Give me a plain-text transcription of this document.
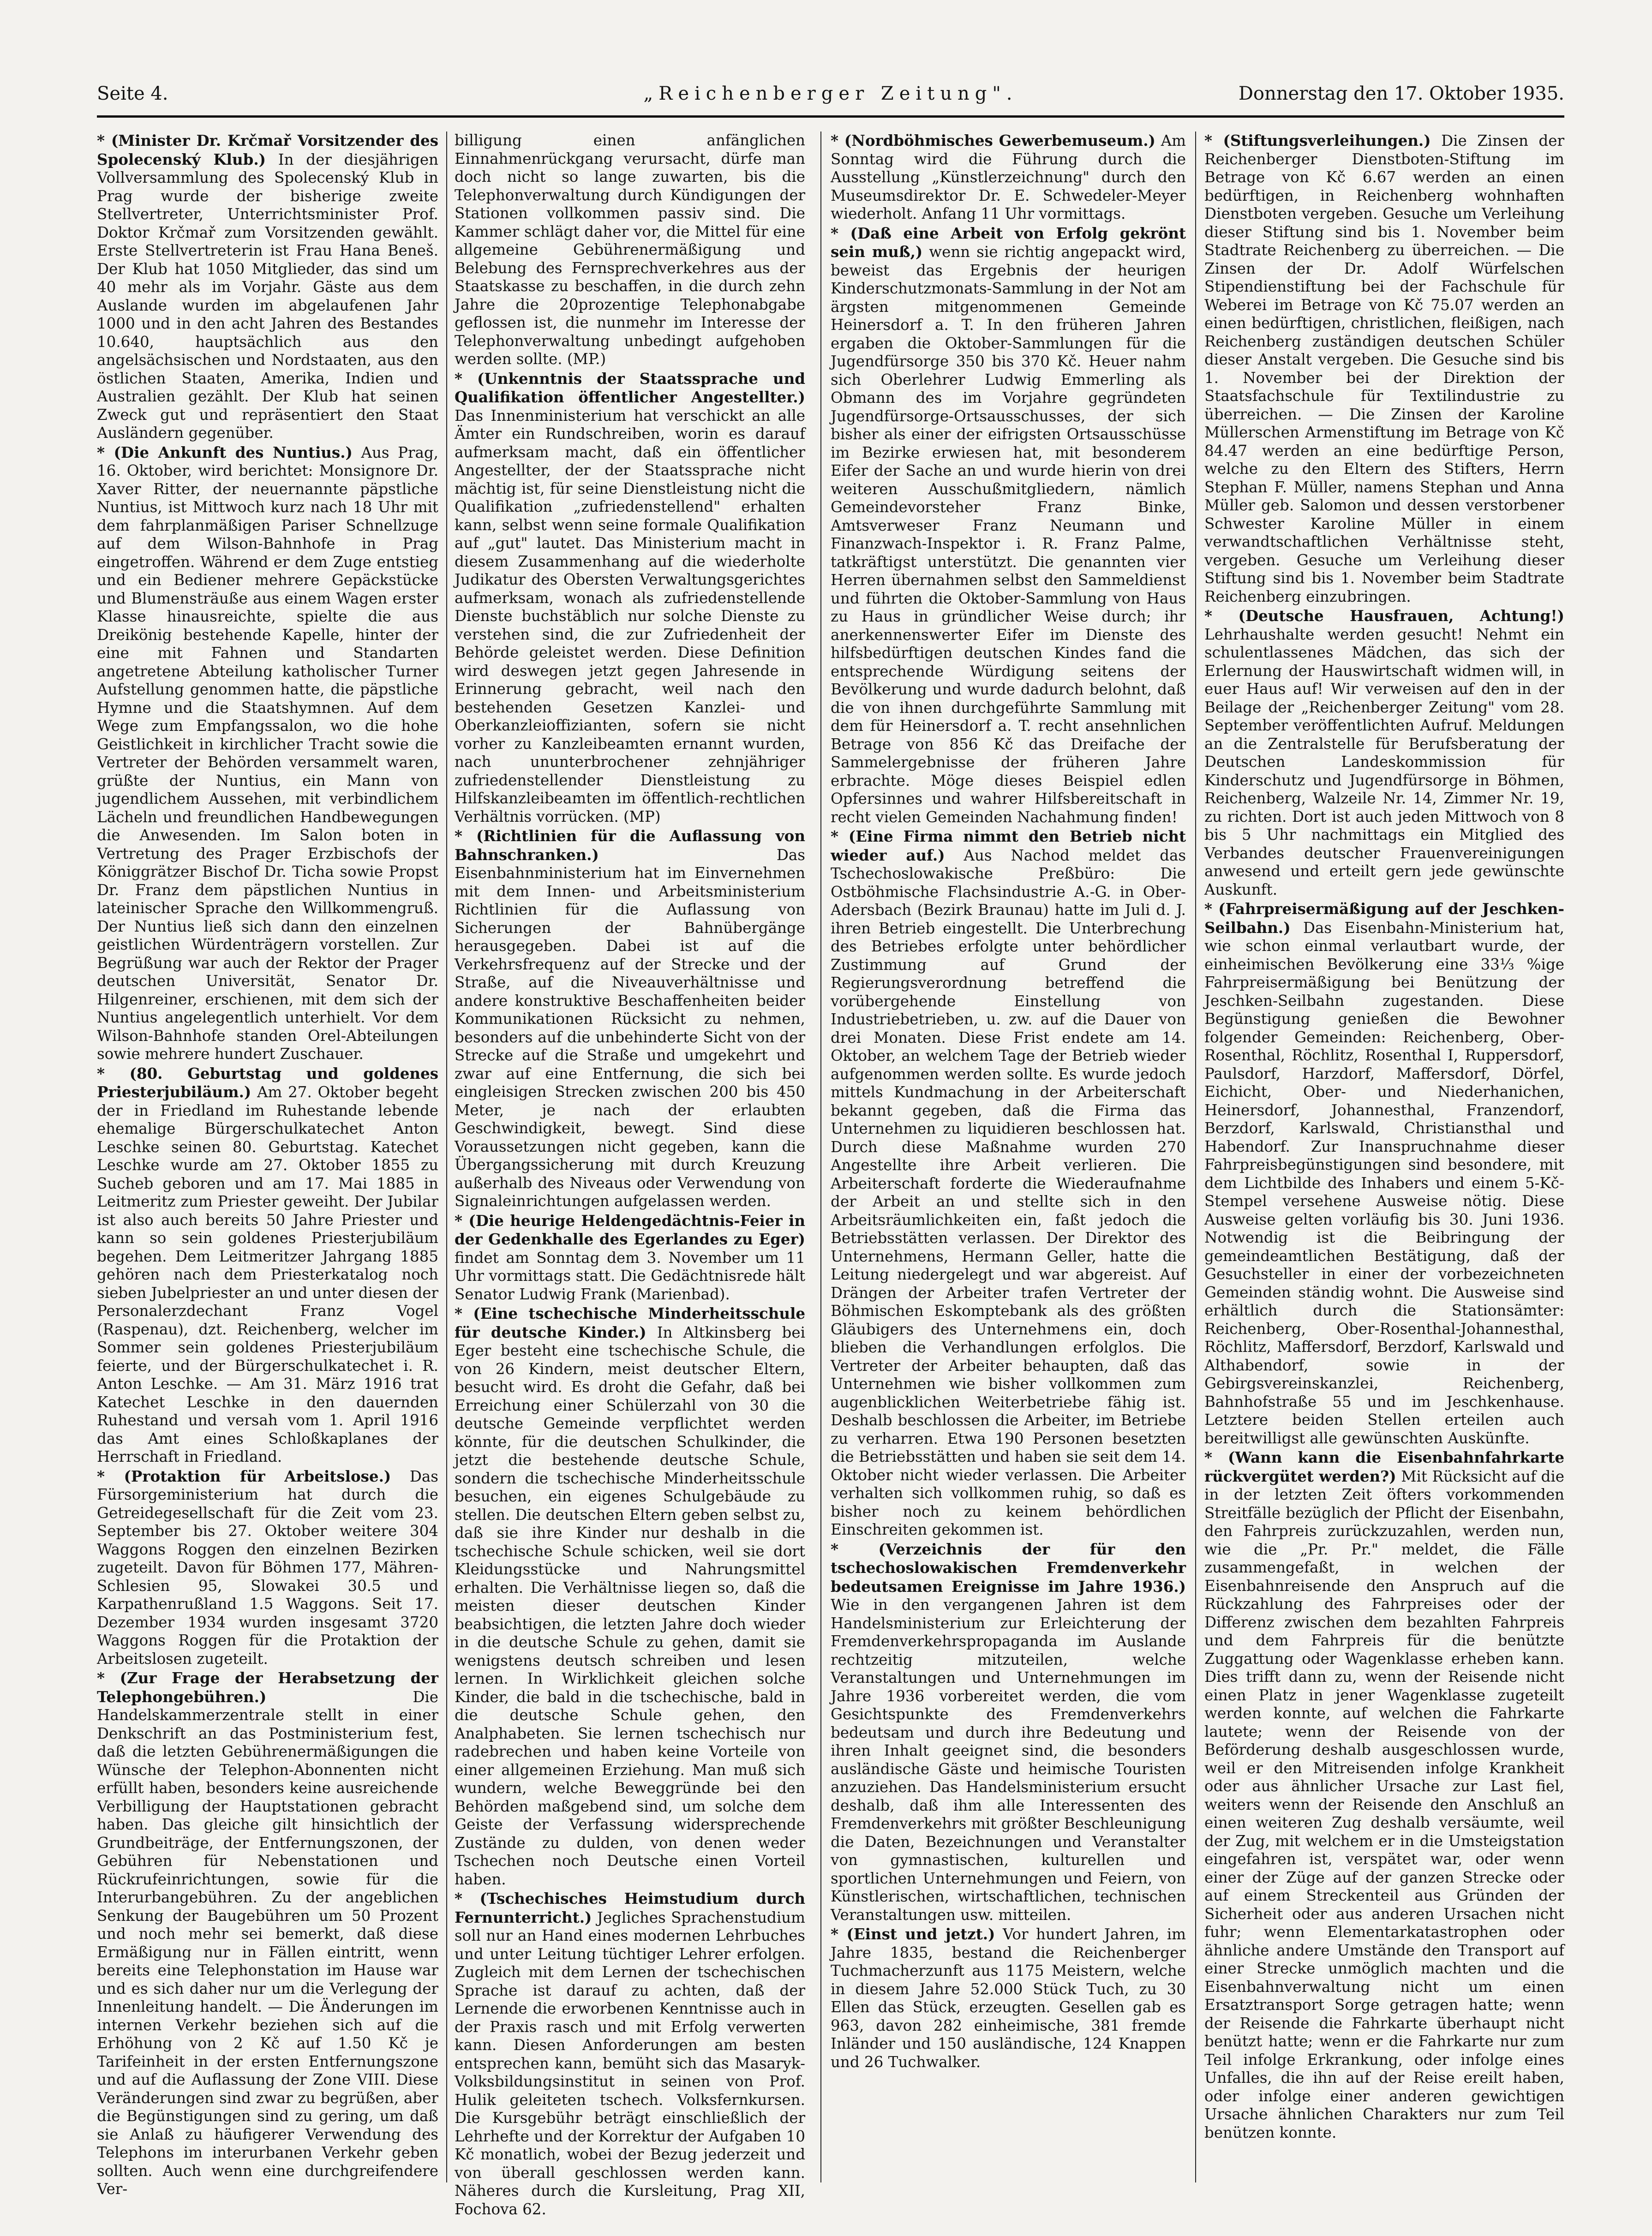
Seite 4.	„Reichenberger Zeitung".	Donnerstag den 17. Oktober 1935.

* (Minister Dr. Krčmař Vorsitzender des Spolecenský Klub.) In der diesjährigen Vollversammlung des Spolecenský Klub in Prag wurde der bisherige zweite Stellvertreter, Unterrichtsminister Prof. Doktor Krčmař zum Vorsitzenden gewählt. Erste Stellvertreterin ist Frau Hana Beneš. Der Klub hat 1050 Mitglieder, das sind um 40 mehr als im Vorjahr. Gäste aus dem Auslande wurden im abgelaufenen Jahr 1000 und in den acht Jahren des Bestandes 10.640, hauptsächlich aus den angelsächsischen und Nordstaaten, aus den östlichen Staaten, Amerika, Indien und Australien gezählt. Der Klub hat seinen Zweck gut und repräsentiert den Staat Ausländern gegenüber.

* (Die Ankunft des Nuntius.) Aus Prag, 16. Oktober, wird berichtet: Monsignore Dr. Xaver Ritter, der neuernannte päpstliche Nuntius, ist Mittwoch kurz nach 18 Uhr mit dem fahrplanmäßigen Pariser Schnellzuge auf dem Wilson-Bahnhofe in Prag eingetroffen. Während er dem Zuge entstieg und ein Bediener mehrere Gepäckstücke und Blumensträuße aus einem Wagen erster Klasse hinausreichte, spielte die aus Dreikönig bestehende Kapelle, hinter der eine mit Fahnen und Standarten angetretene Abteilung katholischer Turner Aufstellung genommen hatte, die päpstliche Hymne und die Staatshymnen. Auf dem Wege zum Empfangssalon, wo die hohe Geistlichkeit in kirchlicher Tracht sowie die Vertreter der Behörden versammelt waren, grüßte der Nuntius, ein Mann von jugendlichem Aussehen, mit verbindlichem Lächeln und freundlichen Handbewegungen die Anwesenden. Im Salon boten in Vertretung des Prager Erzbischofs der Königgrätzer Bischof Dr. Ticha sowie Propst Dr. Franz dem päpstlichen Nuntius in lateinischer Sprache den Willkommengruß. Der Nuntius ließ sich dann den einzelnen geistlichen Würdenträgern vorstellen. Zur Begrüßung war auch der Rektor der Prager deutschen Universität, Senator Dr. Hilgenreiner, erschienen, mit dem sich der Nuntius angelegentlich unterhielt. Vor dem Wilson-Bahnhofe standen Orel-Abteilungen sowie mehrere hundert Zuschauer.

* (80. Geburtstag und goldenes Priesterjubiläum.) Am 27. Oktober begeht der in Friedland im Ruhestande lebende ehemalige Bürgerschulkatechet Anton Leschke seinen 80. Geburtstag. Katechet Leschke wurde am 27. Oktober 1855 zu Sucheb geboren und am 17. Mai 1885 in Leitmeritz zum Priester geweiht. Der Jubilar ist also auch bereits 50 Jahre Priester und kann so sein goldenes Priesterjubiläum begehen. Dem Leitmeritzer Jahrgang 1885 gehören nach dem Priesterkatalog noch sieben Jubelpriester an und unter diesen der Personalerzdechant Franz Vogel (Raspenau), dzt. Reichenberg, welcher im Sommer sein goldenes Priesterjubiläum feierte, und der Bürgerschulkatechet i. R. Anton Leschke. — Am 31. März 1916 trat Katechet Leschke in den dauernden Ruhestand und versah vom 1. April 1916 das Amt eines Schloßkaplanes der Herrschaft in Friedland.

* (Protaktion für Arbeitslose.) Das Fürsorgeministerium hat durch die Getreidegesellschaft für die Zeit vom 23. September bis 27. Oktober weitere 304 Waggons Roggen den einzelnen Bezirken zugeteilt. Davon für Böhmen 177, Mähren-Schlesien 95, Slowakei 30.5 und Karpathenrußland 1.5 Waggons. Seit 17. Dezember 1934 wurden insgesamt 3720 Waggons Roggen für die Protaktion der Arbeitslosen zugeteilt.

* (Zur Frage der Herabsetzung der Telephongebühren.)	Die Handelskammerzentrale stellt in einer Denkschrift an das Postministerium fest, daß die letzten Gebührenermäßigungen die Wünsche der Telephon-Abonnenten nicht erfüllt haben, besonders keine ausreichende Verbilligung der Hauptstationen gebracht haben. Das gleiche gilt hinsichtlich der Grundbeiträge, der Entfernungszonen, der Gebühren für Nebenstationen und Rückrufeinrichtungen, sowie für die Interurbangebühren. Zu der angeblichen Senkung der Baugebühren um 50 Prozent und noch mehr sei bemerkt, daß diese Ermäßigung nur in Fällen eintritt, wenn bereits eine Telephonstation im Hause war und es sich daher nur um die Verlegung der Innenleitung handelt. — Die Änderungen im internen Verkehr beziehen sich auf die Erhöhung von 2 Kč auf 1.50 Kč je Tarifeinheit in der ersten Entfernungszone und auf die Auflassung der Zone VIII. Diese Veränderungen sind zwar zu begrüßen, aber die Begünstigungen sind zu gering, um daß sie Anlaß zu häufigerer Verwendung des Telephons im interurbanen Verkehr geben sollten. Auch wenn eine durchgreifendere Ver-

billigung einen anfänglichen Einnahmenrückgang verursacht, dürfe man doch nicht so lange zuwarten, bis die Telephonverwaltung durch Kündigungen der Stationen vollkommen passiv sind. Die Kammer schlägt daher vor, die Mittel für eine allgemeine Gebührenermäßigung und Belebung des Fernsprechverkehres aus der Staatskasse zu beschaffen, in die durch zehn Jahre die 20prozentige Telephonabgabe geflossen ist, die nunmehr im Interesse der Telephonverwaltung unbedingt aufgehoben werden sollte. (MP.)

* (Unkenntnis der Staatssprache und Qualifikation öffentlicher Angestellter.) Das Innenministerium hat verschickt an alle Ämter ein Rundschreiben, worin es darauf aufmerksam macht, daß ein öffentlicher Angestellter, der der Staatssprache nicht mächtig ist, für seine Dienstleistung nicht die Qualifikation „zufriedenstellend" erhalten kann, selbst wenn seine formale Qualifikation auf „gut" lautet. Das Ministerium macht in diesem Zusammenhang auf die wiederholte Judikatur des Obersten Verwaltungsgerichtes aufmerksam, wonach als zufriedenstellende Dienste buchstäblich nur solche Dienste zu verstehen sind, die zur Zufriedenheit der Behörde geleistet werden. Diese Definition wird deswegen jetzt gegen Jahresende in Erinnerung gebracht, weil nach den bestehenden Gesetzen Kanzlei- und Oberkanzleioffizianten, sofern sie nicht vorher zu Kanzleibeamten ernannt wurden, nach ununterbrochener zehnjähriger zufriedenstellender Dienstleistung zu Hilfskanzleibeamten im öffentlich-rechtlichen Verhältnis vorrücken. (MP)

* (Richtlinien für die Auflassung von Bahnschranken.)	Das Eisenbahnministerium hat im Einvernehmen mit dem Innen- und Arbeitsministerium Richtlinien für die Auflassung von Sicherungen der Bahnübergänge herausgegeben. Dabei ist auf die Verkehrsfrequenz auf der Strecke und der Straße, auf die Niveauverhältnisse und andere konstruktive Beschaffenheiten beider Kommunikationen Rücksicht zu nehmen, besonders auf die unbehinderte Sicht von der Strecke auf die Straße und umgekehrt und zwar auf eine Entfernung, die sich bei eingleisigen Strecken zwischen 200 bis 450 Meter, je nach der erlaubten Geschwindigkeit, bewegt. Sind diese Voraussetzungen nicht gegeben, kann die Übergangssicherung mit durch Kreuzung außerhalb des Niveaus oder Verwendung von Signaleinrichtungen aufgelassen werden.

* (Die heurige Heldengedächtnis-Feier in der Gedenkhalle des Egerlandes zu Eger) findet am Sonntag dem 3. November um 11 Uhr vormittags statt. Die Gedächtnisrede hält Senator Ludwig Frank (Marienbad).

* (Eine tschechische Minderheitsschule für deutsche Kinder.) In Altkinsberg bei Eger besteht eine tschechische Schule, die von 26 Kindern, meist deutscher Eltern, besucht wird. Es droht die Gefahr, daß bei Erreichung einer Schülerzahl von 30 die deutsche Gemeinde verpflichtet werden könnte, für die deutschen Schulkinder, die jetzt die bestehende deutsche Schule, sondern die tschechische Minderheitsschule besuchen, ein eigenes Schulgebäude zu stellen. Die deutschen Eltern geben selbst zu, daß sie ihre Kinder nur deshalb in die tschechische Schule schicken, weil sie dort Kleidungsstücke und Nahrungsmittel erhalten. Die Verhältnisse liegen so, daß die meisten dieser deutschen Kinder beabsichtigen, die letzten Jahre doch wieder in die deutsche Schule zu gehen, damit sie wenigstens deutsch schreiben und lesen lernen. In Wirklichkeit gleichen solche Kinder, die bald in die tschechische, bald in die deutsche Schule gehen, den Analphabeten. Sie lernen tschechisch nur radebrechen und haben keine Vorteile von einer allgemeinen Erziehung. Man muß sich wundern, welche Beweggründe bei den Behörden maßgebend sind, um solche dem Geiste der Verfassung widersprechende Zustände zu dulden, von denen weder Tschechen noch Deutsche einen Vorteil haben.

* (Tschechisches Heimstudium durch Fernunterricht.) Jegliches Sprachenstudium soll nur an Hand eines modernen Lehrbuches und unter Leitung tüchtiger Lehrer erfolgen. Zugleich mit dem Lernen der tschechischen Sprache ist darauf zu achten, daß der Lernende die erworbenen Kenntnisse auch in der Praxis rasch und mit Erfolg verwerten kann. Diesen Anforderungen am besten entsprechen kann, bemüht sich das Masaryk-Volksbildungsinstitut in seinen von Prof. Hulik geleiteten tschech. Volksfernkursen. Die Kursgebühr beträgt einschließlich der Lehrhefte und der Korrektur der Aufgaben 10 Kč monatlich, wobei der Bezug jederzeit und von überall geschlossen werden kann. Näheres durch die Kursleitung, Prag XII, Fochova 62.

* (Nordböhmisches Gewerbemuseum.) Am Sonntag wird die Führung durch die Ausstellung „Künstlerzeichnung" durch den Museumsdirektor Dr. E. Schwedeler-Meyer wiederholt. Anfang 11 Uhr vormittags.

* (Daß eine Arbeit von Erfolg gekrönt sein muß,) wenn sie richtig angepackt wird, beweist das Ergebnis der heurigen Kinderschutzmonats-Sammlung in der Not am ärgsten mitgenommenen Gemeinde Heinersdorf a. T. In den früheren Jahren ergaben die Oktober-Sammlungen für die Jugendfürsorge 350 bis 370 Kč. Heuer nahm sich Oberlehrer Ludwig Emmerling als Obmann des im Vorjahre gegründeten Jugendfürsorge-Ortsausschusses, der sich bisher als einer der eifrigsten Ortsausschüsse im Bezirke erwiesen hat, mit besonderem Eifer der Sache an und wurde hierin von drei weiteren Ausschußmitgliedern, nämlich Gemeindevorsteher Franz Binke, Amtsverweser Franz Neumann und Finanzwach-Inspektor i. R. Franz Palme, tatkräftigst unterstützt. Die genannten vier Herren übernahmen selbst den Sammeldienst und führten die Oktober-Sammlung von Haus zu Haus in gründlicher Weise durch; ihr anerkennenswerter Eifer im Dienste des hilfsbedürftigen deutschen Kindes fand die entsprechende Würdigung seitens der Bevölkerung und wurde dadurch belohnt, daß die von ihnen durchgeführte Sammlung mit dem für Heinersdorf a. T. recht ansehnlichen Betrage von 856 Kč das Dreifache der Sammelergebnisse der früheren Jahre erbrachte. Möge dieses Beispiel edlen Opfersinnes und wahrer Hilfsbereitschaft in recht vielen Gemeinden Nachahmung finden!

* (Eine Firma nimmt den Betrieb nicht wieder auf.) Aus Nachod meldet das Tschechoslowakische Preßbüro: Die Ostböhmische Flachsindustrie A.-G. in Ober-Adersbach (Bezirk Braunau) hatte im Juli d. J. ihren Betrieb eingestellt. Die Unterbrechung des Betriebes erfolgte unter behördlicher Zustimmung auf Grund der Regierungsverordnung betreffend die vorübergehende Einstellung von Industriebetrieben, u. zw. auf die Dauer von drei Monaten. Diese Frist endete am 14. Oktober, an welchem Tage der Betrieb wieder aufgenommen werden sollte. Es wurde jedoch mittels Kundmachung in der Arbeiterschaft bekannt gegeben, daß die Firma das Unternehmen zu liquidieren beschlossen hat. Durch diese Maßnahme wurden 270 Angestellte ihre Arbeit verlieren. Die Arbeiterschaft forderte die Wiederaufnahme der Arbeit an und stellte sich in den Arbeitsräumlichkeiten ein, faßt jedoch die Betriebsstätten verlassen. Der Direktor des Unternehmens, Hermann Geller, hatte die Leitung niedergelegt und war abgereist. Auf Drängen der Arbeiter trafen Vertreter der Böhmischen Eskomptebank als des größten Gläubigers des Unternehmens ein, doch blieben die Verhandlungen erfolglos. Die Vertreter der Arbeiter behaupten, daß das Unternehmen wie bisher vollkommen zum augenblicklichen Weiterbetriebe fähig ist. Deshalb beschlossen die Arbeiter, im Betriebe zu verharren. Etwa 190 Personen besetzten die Betriebsstätten und haben sie seit dem 14. Oktober nicht wieder verlassen. Die Arbeiter verhalten sich vollkommen ruhig, so daß es bisher noch zu keinem behördlichen Einschreiten gekommen ist.

* (Verzeichnis der für den tschechoslowakischen Fremdenverkehr bedeutsamen Ereignisse im Jahre 1936.) Wie in den vergangenen Jahren ist dem Handelsministerium zur Erleichterung der Fremdenverkehrspropaganda im Auslande rechtzeitig mitzuteilen, welche Veranstaltungen und Unternehmungen im Jahre 1936 vorbereitet werden, die vom Gesichtspunkte des Fremdenverkehrs bedeutsam und durch ihre Bedeutung und ihren Inhalt geeignet sind, die besonders ausländische Gäste und heimische Touristen anzuziehen. Das Handelsministerium ersucht deshalb, daß ihm alle Interessenten des Fremdenverkehrs mit größter Beschleunigung die Daten, Bezeichnungen und Veranstalter von gymnastischen, kulturellen und sportlichen Unternehmungen und Feiern, von Künstlerischen, wirtschaftlichen, technischen Veranstaltungen usw. mitteilen.

* (Einst und jetzt.) Vor hundert Jahren, im Jahre 1835, bestand die Reichenberger Tuchmacherzunft aus 1175 Meistern, welche in diesem Jahre 52.000 Stück Tuch, zu 30 Ellen das Stück, erzeugten. Gesellen gab es 963, davon 282 einheimische, 381 fremde Inländer und 150 ausländische, 124 Knappen und 26 Tuchwalker.

* (Stiftungsverleihungen.) Die Zinsen der Reichenberger Dienstboten-Stiftung im Betrage von Kč 6.67 werden an einen bedürftigen, in Reichenberg wohnhaften Dienstboten vergeben. Gesuche um Verleihung dieser Stiftung sind bis 1. November beim Stadtrate Reichenberg zu überreichen. — Die Zinsen der Dr. Adolf Würfelschen Stipendienstiftung bei der Fachschule für Weberei im Betrage von Kč 75.07 werden an einen bedürftigen, christlichen, fleißigen, nach Reichenberg zuständigen deutschen Schüler dieser Anstalt vergeben. Die Gesuche sind bis 1. November bei der Direktion der Staatsfachschule für Textilindustrie zu überreichen. — Die Zinsen der Karoline Müllerschen Armenstiftung im Betrage von Kč 84.47 werden an eine bedürftige Person, welche zu den Eltern des Stifters, Herrn Stephan F. Müller, namens Stephan und Anna Müller geb. Salomon und dessen verstorbener Schwester Karoline Müller in einem verwandtschaftlichen Verhältnisse steht, vergeben. Gesuche um Verleihung dieser Stiftung sind bis 1. November beim Stadtrate Reichenberg einzubringen.

* (Deutsche Hausfrauen, Achtung!) Lehrhaushalte werden gesucht! Nehmt ein schulentlassenes Mädchen, das sich der Erlernung der Hauswirtschaft widmen will, in euer Haus auf! Wir verweisen auf den in der Beilage der „Reichenberger Zeitung" vom 28. September veröffentlichten Aufruf. Meldungen an die Zentralstelle für Berufsberatung der Deutschen Landeskommission für Kinderschutz und Jugendfürsorge in Böhmen, Reichenberg, Walzeile Nr. 14, Zimmer Nr. 19, zu richten. Dort ist auch jeden Mittwoch von 8 bis 5 Uhr nachmittags ein Mitglied des Verbandes deutscher Frauenvereinigungen anwesend und erteilt gern jede gewünschte Auskunft.

* (Fahrpreisermäßigung auf der Jeschken-Seilbahn.) Das Eisenbahn-Ministerium hat, wie schon einmal verlautbart wurde, der einheimischen Bevölkerung eine 33⅓ %ige Fahrpreisermäßigung bei Benützung der Jeschken-Seilbahn zugestanden. Diese Begünstigung genießen die Bewohner folgender Gemeinden: Reichenberg, Ober-Rosenthal, Röchlitz, Rosenthal I, Ruppersdorf, Paulsdorf, Harzdorf, Maffersdorf, Dörfel, Eichicht, Ober- und Niederhanichen, Heinersdorf, Johannesthal, Franzendorf, Berzdorf, Karlswald, Christiansthal und Habendorf. Zur Inanspruchnahme dieser Fahrpreisbegünstigungen sind besondere, mit dem Lichtbilde des Inhabers und einem 5-Kč-Stempel versehene Ausweise nötig. Diese Ausweise gelten vorläufig bis 30. Juni 1936. Notwendig ist die Beibringung der gemeindeamtlichen Bestätigung, daß der Gesuchsteller in einer der vorbezeichneten Gemeinden ständig wohnt. Die Ausweise sind erhältlich durch die Stationsämter: Reichenberg, Ober-Rosenthal-Johannesthal, Röchlitz, Maffersdorf, Berzdorf, Karlswald und Althabendorf, sowie in der Gebirgsvereinskanzlei, Reichenberg, Bahnhofstraße 55 und im Jeschkenhause. Letztere beiden Stellen erteilen auch bereitwilligst alle gewünschten Auskünfte.

* (Wann kann die Eisenbahnfahrkarte rückvergütet werden?) Mit Rücksicht auf die in der letzten Zeit öfters vorkommenden Streitfälle bezüglich der Pflicht der Eisenbahn, den Fahrpreis zurückzuzahlen, werden nun, wie die „Pr. Pr." meldet, die Fälle zusammengefaßt, in welchen der Eisenbahnreisende den Anspruch auf die Rückzahlung des Fahrpreises oder der Differenz zwischen dem bezahlten Fahrpreis und dem Fahrpreis für die benützte Zuggattung oder Wagenklasse erheben kann. Dies trifft dann zu, wenn der Reisende nicht einen Platz in jener Wagenklasse zugeteilt werden konnte, auf welchen die Fahrkarte lautete; wenn der Reisende von der Beförderung deshalb ausgeschlossen wurde, weil er den Mitreisenden infolge Krankheit oder aus ähnlicher Ursache zur Last fiel, weiters wenn der Reisende den Anschluß an einen weiteren Zug deshalb versäumte, weil der Zug, mit welchem er in die Umsteigstation eingefahren ist, verspätet war, oder wenn einer der Züge auf der ganzen Strecke oder auf einem Streckenteil aus Gründen der Sicherheit oder aus anderen Ursachen nicht fuhr; wenn Elementarkatastrophen oder ähnliche andere Umstände den Transport auf einer Strecke unmöglich machten und die Eisenbahnverwaltung nicht um einen Ersatztransport Sorge getragen hatte; wenn der Reisende die Fahrkarte überhaupt nicht benützt hatte; wenn er die Fahrkarte nur zum Teil infolge Erkrankung, oder infolge eines Unfalles, die ihn auf der Reise ereilt haben, oder infolge einer anderen gewichtigen Ursache ähnlichen Charakters nur zum Teil benützen konnte.
